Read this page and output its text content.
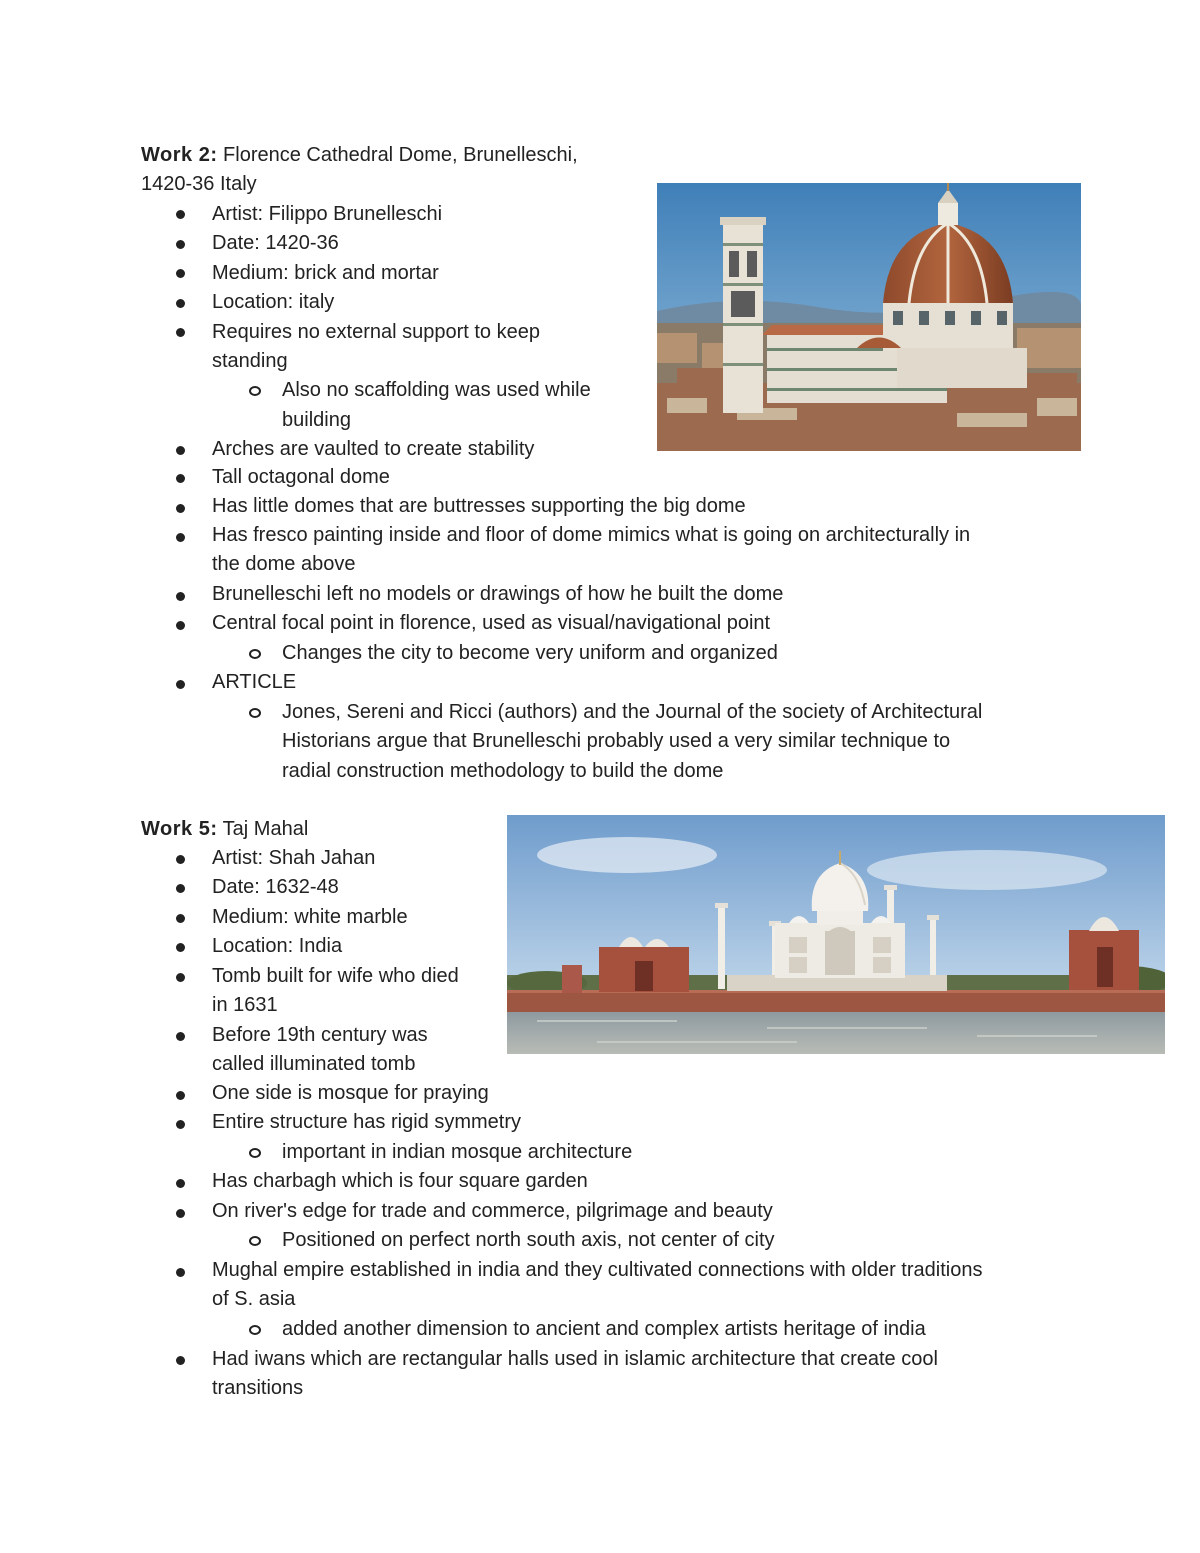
Work 2: Florence Cathedral Dome, Brunelleschi,

1420-36 Italy

Artist: Filippo Brunelleschi

Date: 1420-36

Medium: brick and mortar

Location: italy

Requires no external support to keep

standing

Also no scaffolding was used while

building

Arches are vaulted to create stability

Tall octagonal dome

Has little domes that are buttresses supporting the big dome

Has fresco painting inside and floor of dome mimics what is going on architecturally in

the dome above

Brunelleschi left no models or drawings of how he built the dome

Central focal point in florence, used as visual/navigational point

Changes the city to become very uniform and organized

ARTICLE

Jones, Sereni and Ricci (authors) and the Journal of the society of Architectural

Historians argue that Brunelleschi probably used a very similar technique to

radial construction methodology to build the dome

Work 5: Taj Mahal

Artist: Shah Jahan

Date: 1632-48

Medium: white marble

Location: India

Tomb built for wife who died

in 1631

Before 19th century was

called illuminated tomb

One side is mosque for praying

Entire structure has rigid symmetry

important in indian mosque architecture

Has charbagh which is four square garden

On river's edge for trade and commerce, pilgrimage and beauty

Positioned on perfect north south axis, not center of city

Mughal empire established in india and they cultivated connections with older traditions

of S. asia

added another dimension to ancient and complex artists heritage of india

Had iwans which are rectangular halls used in islamic architecture that create cool

transitions
